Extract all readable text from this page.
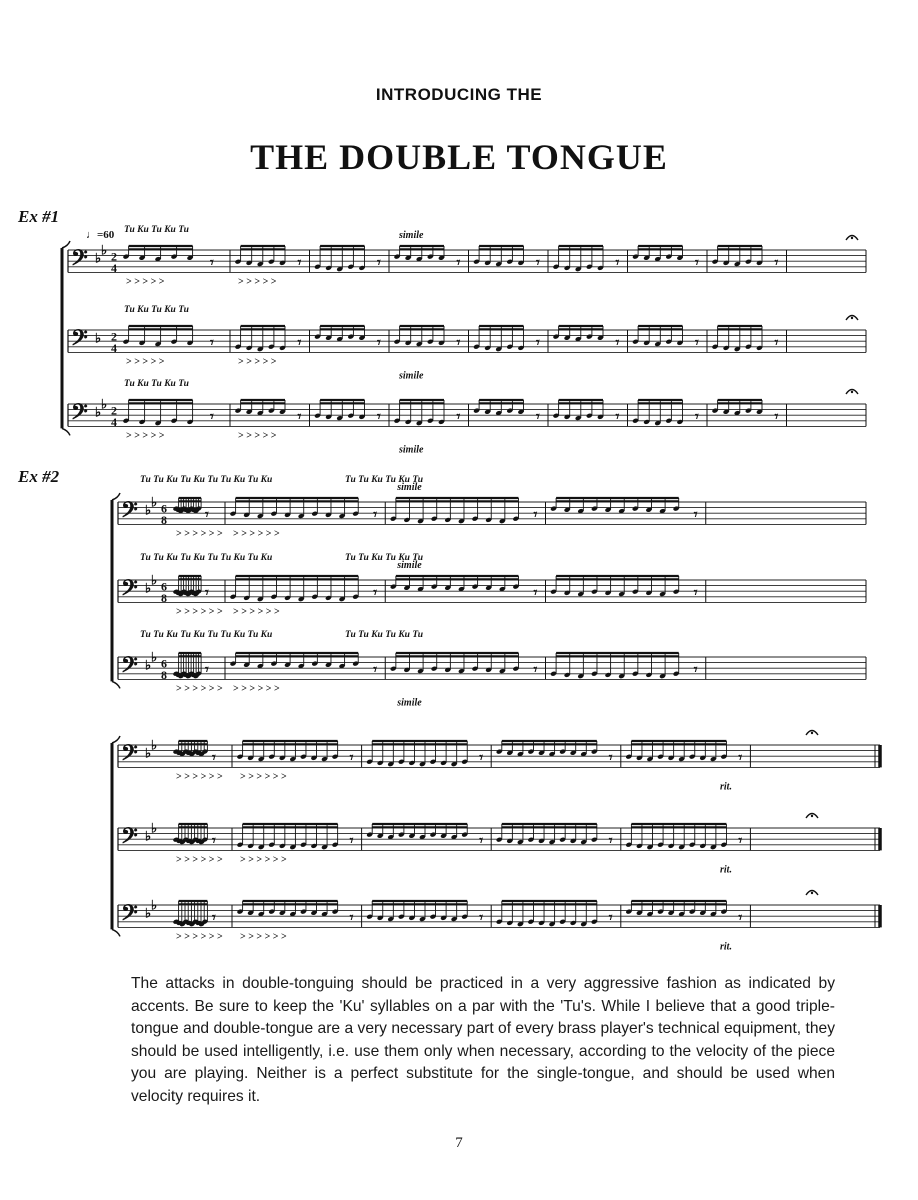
INTRODUCING THE
THE DOUBLE TONGUE
Ex #1
Ex #2
𝄢 ♭
♭ 2
4	𝄾
> > > > >
𝄾
> > > > >
𝄾	𝄾	𝄾	𝄾	𝄾	𝄾
Tu Ku Tu Ku Tu	simile
𝄢 ♭ 2
4	𝄾
> > > > >
𝄾
> > > > >
𝄾	𝄾	𝄾	𝄾	𝄾	𝄾
Tu Ku Tu Ku Tu
simile
𝄢 ♭
♭ 2
4	𝄾
> > > > >
𝄾
> > > > >
𝄾	𝄾	𝄾	𝄾	𝄾	𝄾
Tu Ku Tu Ku Tu
simile
♩=60
𝄢 ♭
♭ 6
8	𝄾
> > > > > >
𝄾
> > > > > >
𝄾	𝄾
Tu Tu Ku Tu Ku Tu Tu Ku Tu Ku	Tu Tu Ku Tu Ku Tu
simile
𝄢 ♭
♭ 6
8	𝄾
> > > > > >
𝄾
> > > > > >
𝄾	𝄾
Tu Tu Ku Tu Ku Tu Tu Ku Tu Ku	Tu Tu Ku Tu Ku Tu
simile
𝄢 ♭
♭ 6
8	𝄾
> > > > > >
𝄾
> > > > > >
𝄾	𝄾
Tu Tu Ku Tu Ku Tu Tu Ku Tu Ku	Tu Tu Ku Tu Ku Tu
simile
𝄢 ♭
♭
𝄾
> > > > > >
𝄾
> > > > > >
𝄾	𝄾	𝄾
rit.
𝄢 ♭
♭
𝄾
> > > > > >
𝄾
> > > > > >
𝄾	𝄾	𝄾
rit.
𝄢 ♭
♭
𝄾
> > > > > >
𝄾
> > > > > >
𝄾	𝄾	𝄾
rit.
The attacks in double-tonguing should be practiced in a very aggressive fashion as indicated by accents. Be sure to keep the 'Ku' syllables on a par with the 'Tu's. While I believe that a good triple-tongue and double-tongue are a very necessary part of every brass player's technical equipment, they should be used intelligently, i.e. use them only when necessary, according to the velocity of the piece you are playing. Neither is a perfect substitute for the single-tongue, and should be used when velocity requires it.
7
